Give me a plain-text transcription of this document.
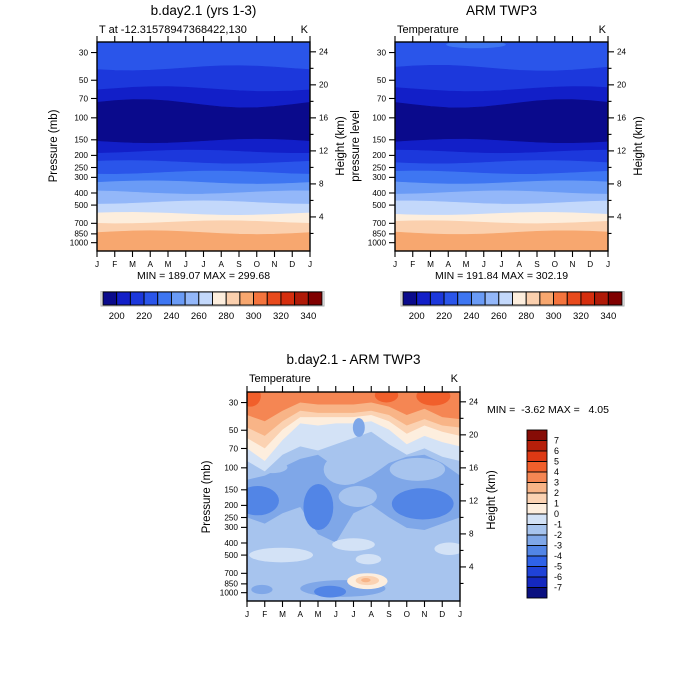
b.day2.1 (yrs 1-3)
T at -12.31578947368422,130	K
Pressure (mb)	Height (km)
J F M A M J J A S O N D J
30
50
70
100
150
200
250
300
400
500
700
850
1000
24
20
16
12
8
4
MIN = 189.07 MAX = 299.68
200 220 240 260 280 300 320 340
ARM TWP3
Temperature	K
pressure level	Height (km)
J F M A M J J A S O N D J
30
50
70
100
150
200
250
300
400
500
700
850
1000
24
20
16
12
8
4
MIN = 191.84 MAX = 302.19
200 220 240 260 280 300 320 340
b.day2.1 - ARM TWP3
Temperature	K
Pressure (mb)	Height (km)
J F M A M J J A S O N D J
30
50
70
100
150
200
250
300
400
500
700
850
1000
24
20
16
12
8
4
MIN =  -3.62 MAX =   4.05
7
6
5
4
3
2
1
0
-1
-2
-3
-4
-5
-6
-7
